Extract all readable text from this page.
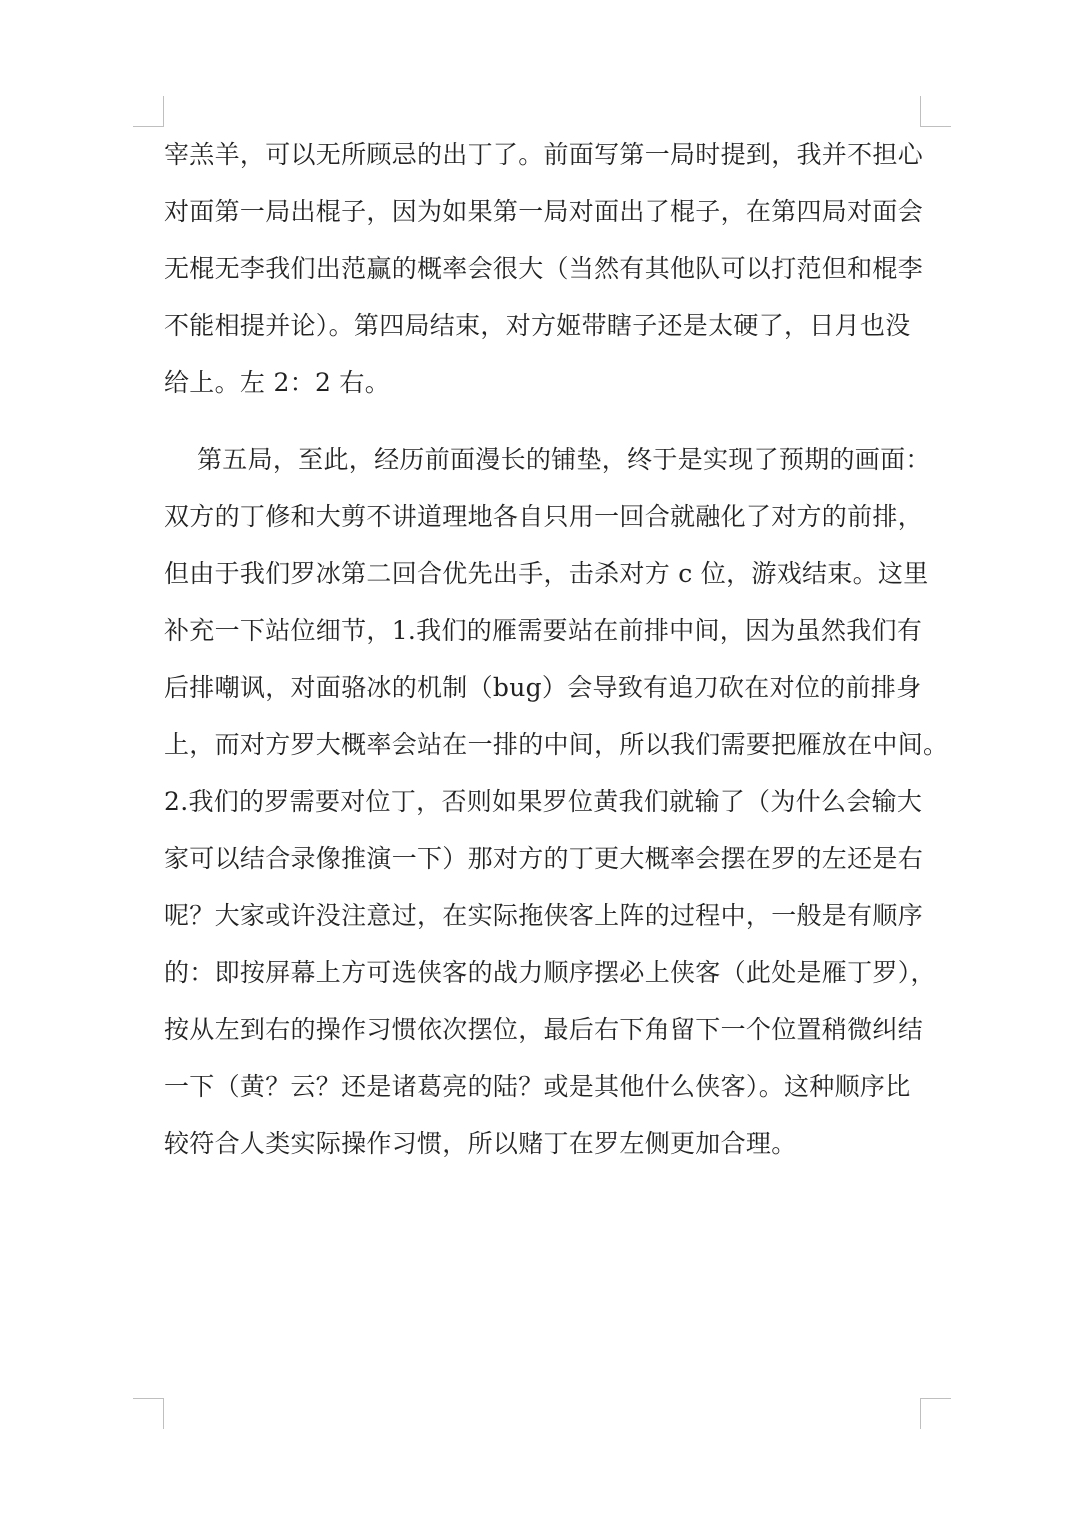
宰羔羊，可以无所顾忌的出丁了。前面写第一局时提到，我并不担心
对面第一局出棍子，因为如果第一局对面出了棍子，在第四局对面会
无棍无李我们出范赢的概率会很大（当然有其他队可以打范但和棍李
不能相提并论）。第四局结束，对方姬带瞎子还是太硬了，日月也没
给上。左 2：2 右。
第五局，至此，经历前面漫长的铺垫，终于是实现了预期的画面：
双方的丁修和大剪不讲道理地各自只用一回合就融化了对方的前排，
但由于我们罗冰第二回合优先出手，击杀对方 c 位，游戏结束。这里
补充一下站位细节，1.我们的雁需要站在前排中间，因为虽然我们有
后排嘲讽，对面骆冰的机制（bug）会导致有追刀砍在对位的前排身
上，而对方罗大概率会站在一排的中间，所以我们需要把雁放在中间。
2.我们的罗需要对位丁，否则如果罗位黄我们就输了（为什么会输大
家可以结合录像推演一下）那对方的丁更大概率会摆在罗的左还是右
呢？大家或许没注意过，在实际拖侠客上阵的过程中，一般是有顺序
的：即按屏幕上方可选侠客的战力顺序摆必上侠客（此处是雁丁罗），
按从左到右的操作习惯依次摆位，最后右下角留下一个位置稍微纠结
一下（黄？云？还是诸葛亮的陆？或是其他什么侠客）。这种顺序比
较符合人类实际操作习惯，所以赌丁在罗左侧更加合理。
